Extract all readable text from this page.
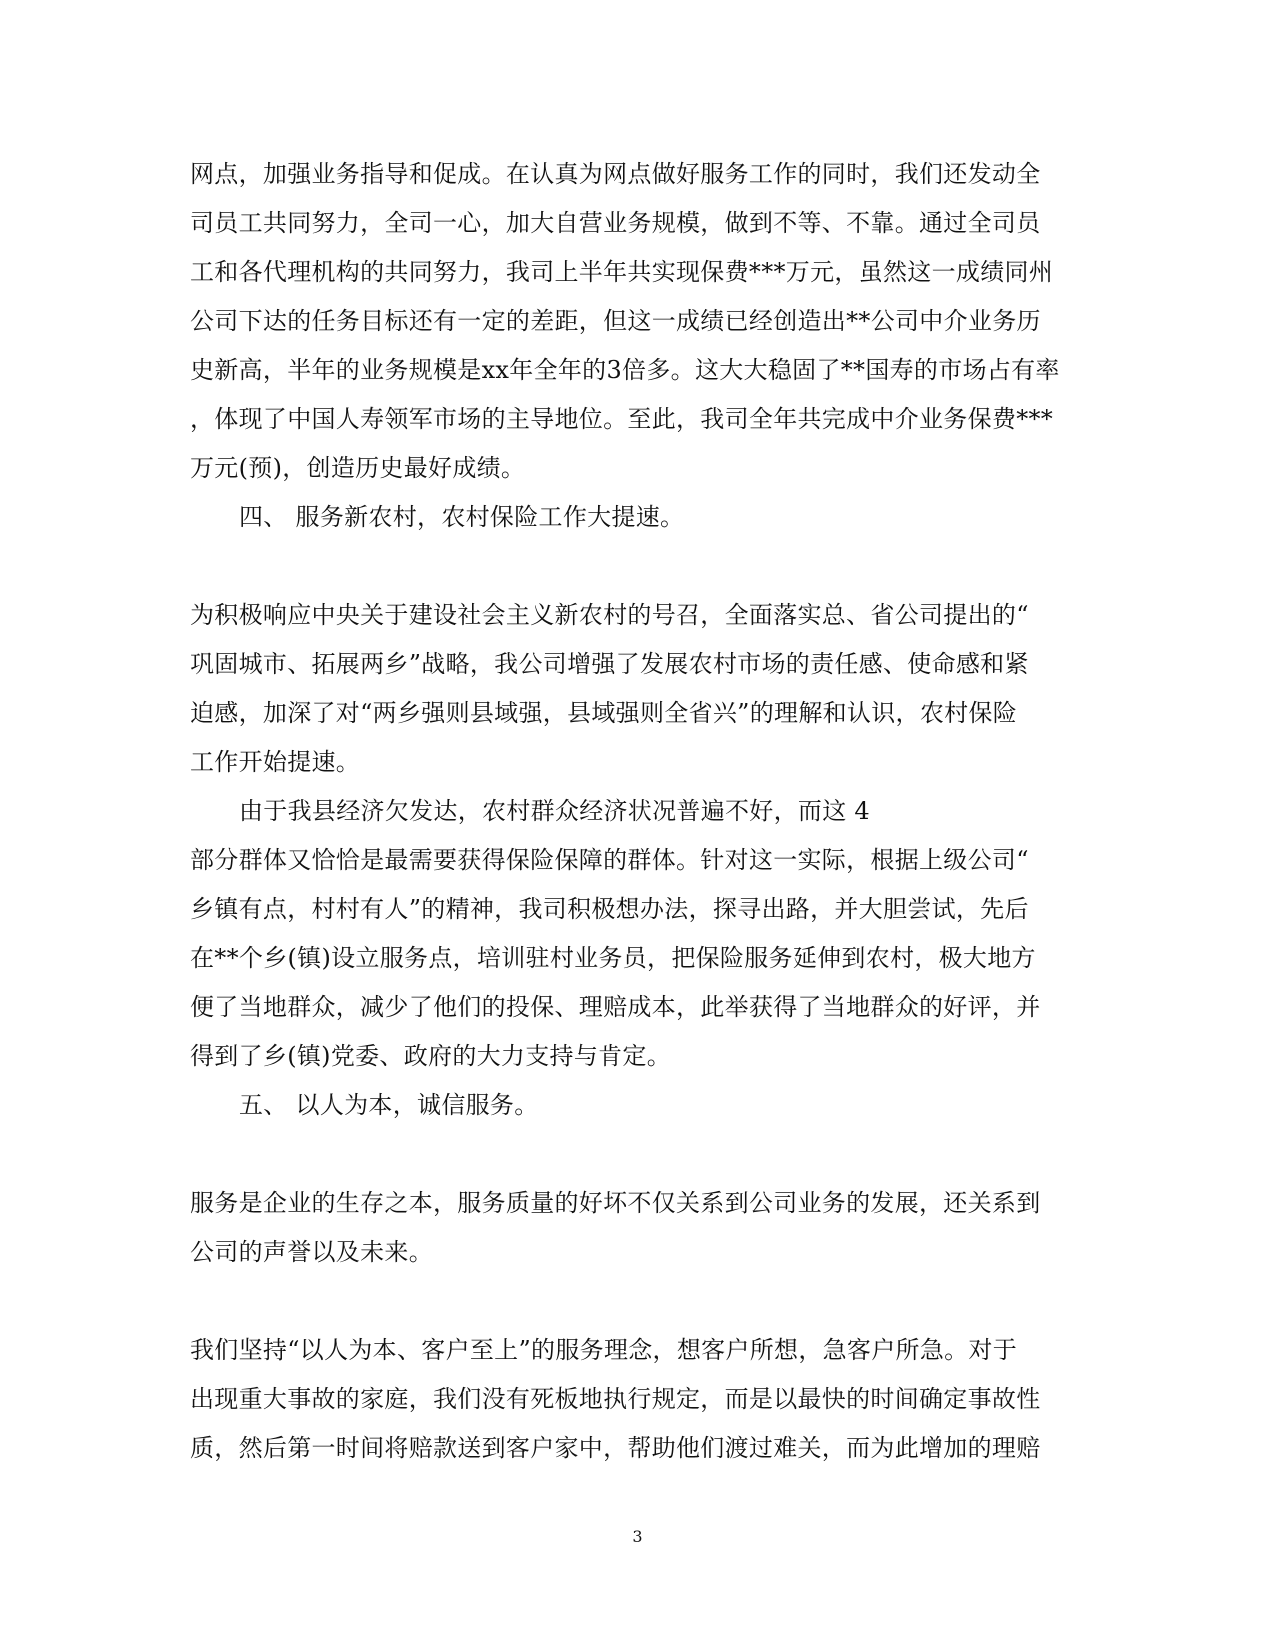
网点，加强业务指导和促成。在认真为网点做好服务工作的同时，我们还发动全
司员工共同努力，全司一心，加大自营业务规模，做到不等、不靠。通过全司员
工和各代理机构的共同努力，我司上半年共实现保费***万元，虽然这一成绩同州
公司下达的任务目标还有一定的差距，但这一成绩已经创造出**公司中介业务历
史新高，半年的业务规模是xx年全年的3倍多。这大大稳固了**国寿的市场占有率
，体现了中国人寿领军市场的主导地位。至此，我司全年共完成中介业务保费***
万元(预)，创造历史最好成绩。
四、 服务新农村，农村保险工作大提速。
为积极响应中央关于建设社会主义新农村的号召，全面落实总、省公司提出的“
巩固城市、拓展两乡”战略，我公司增强了发展农村市场的责任感、使命感和紧
迫感，加深了对“两乡强则县域强，县域强则全省兴”的理解和认识，农村保险
工作开始提速。
由于我县经济欠发达，农村群众经济状况普遍不好，而这 4
部分群体又恰恰是最需要获得保险保障的群体。针对这一实际，根据上级公司“
乡镇有点，村村有人”的精神，我司积极想办法，探寻出路，并大胆尝试，先后
在**个乡(镇)设立服务点，培训驻村业务员，把保险服务延伸到农村，极大地方
便了当地群众，减少了他们的投保、理赔成本，此举获得了当地群众的好评，并
得到了乡(镇)党委、政府的大力支持与肯定。
五、 以人为本，诚信服务。
服务是企业的生存之本，服务质量的好坏不仅关系到公司业务的发展，还关系到
公司的声誉以及未来。
我们坚持“以人为本、客户至上”的服务理念，想客户所想，急客户所急。对于
出现重大事故的家庭，我们没有死板地执行规定，而是以最快的时间确定事故性
质，然后第一时间将赔款送到客户家中，帮助他们渡过难关，而为此增加的理赔
3
